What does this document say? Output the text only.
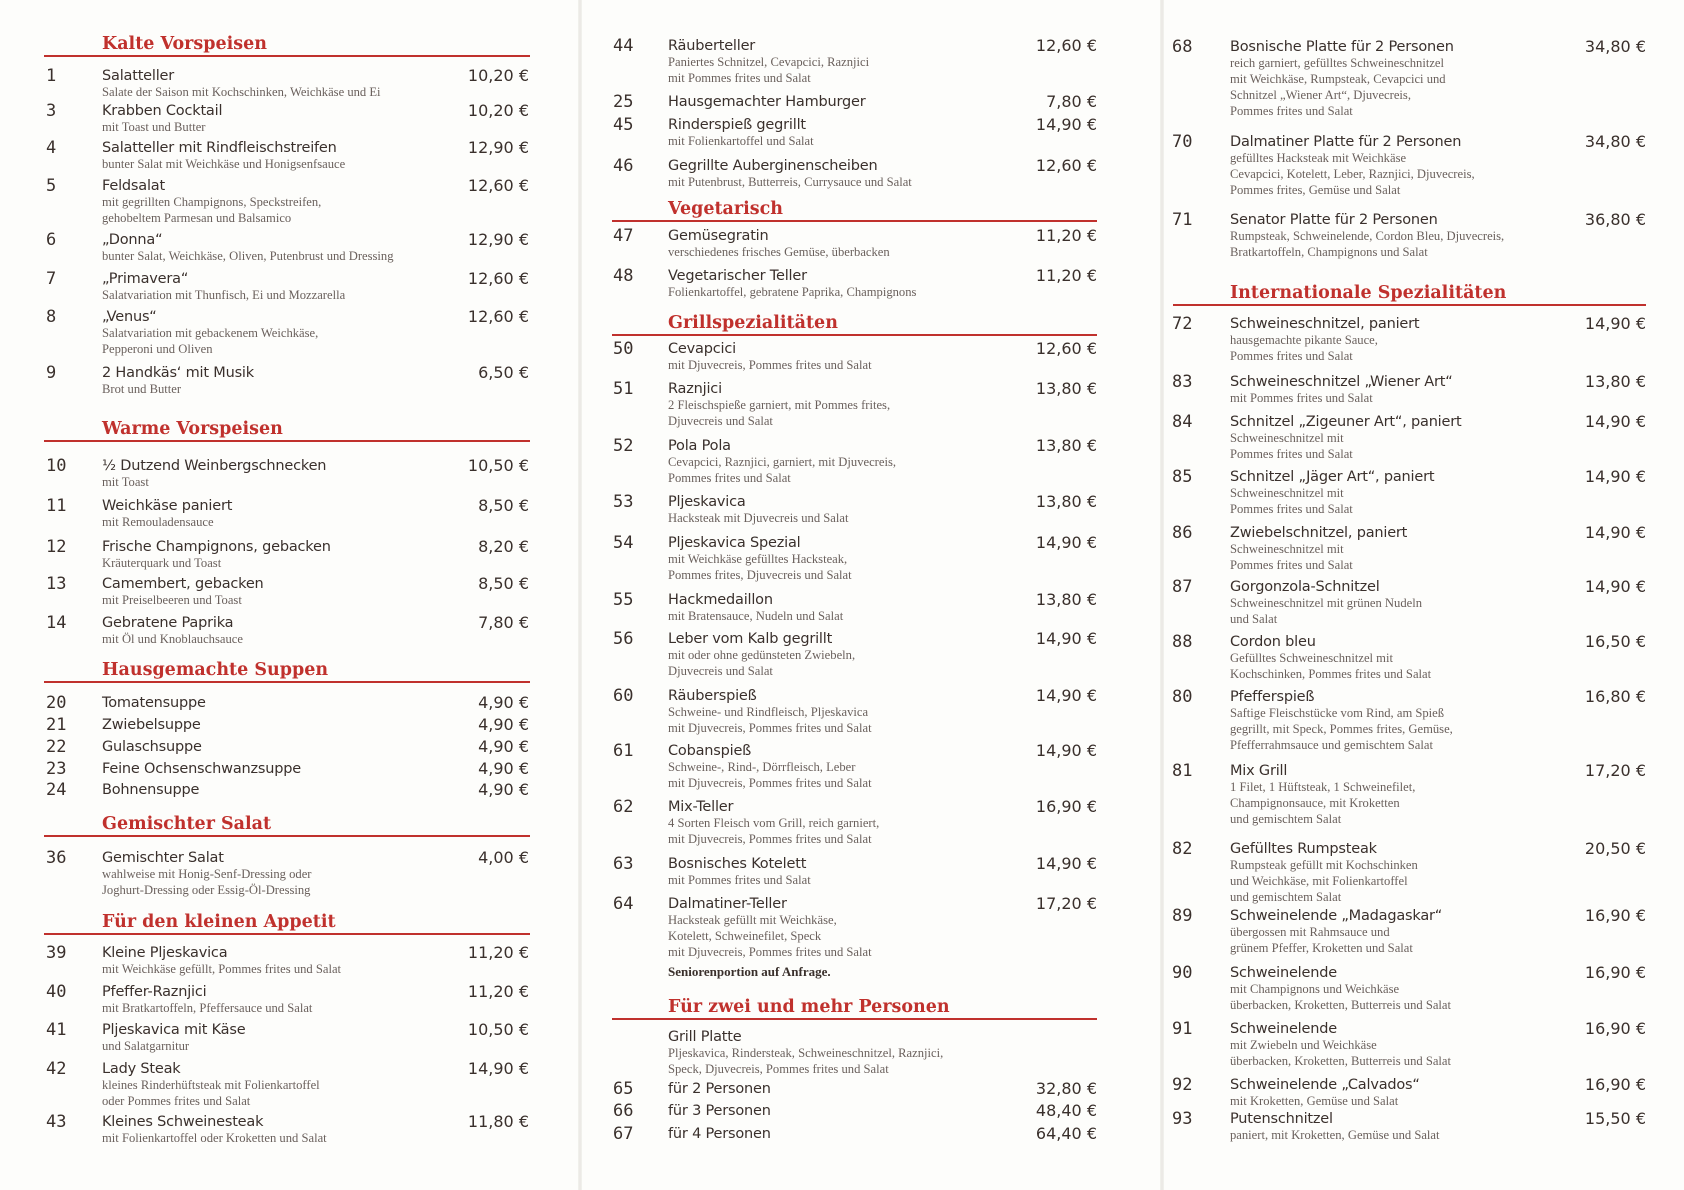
Kalte Vorspeisen
1	Salatteller
Salate der Saison mit Kochschinken, Weichkäse und Ei
10,20 €
3	Krabben Cocktail
mit Toast und Butter
10,20 €
4	Salatteller mit Rindfleischstreifen
bunter Salat mit Weichkäse und Honigsenfsauce
12,90 €
5	Feldsalat
mit gegrillten Champignons, Speckstreifen,
gehobeltem Parmesan und Balsamico
12,60 €
6	„Donna“
bunter Salat, Weichkäse, Oliven, Putenbrust und Dressing
12,90 €
7	„Primavera“
Salatvariation mit Thunfisch, Ei und Mozzarella
12,60 €
8	„Venus“
Salatvariation mit gebackenem Weichkäse,
Pepperoni und Oliven
12,60 €
9	2 Handkäs‘ mit Musik
Brot und Butter
6,50 €
Warme Vorspeisen
10 ½ Dutzend Weinbergschnecken
mit Toast
10,50 €
11 Weichkäse paniert
mit Remouladensauce
8,50 €
12 Frische Champignons, gebacken
Kräuterquark und Toast
8,20 €
13 Camembert, gebacken
mit Preiselbeeren und Toast
8,50 €
14 Gebratene Paprika
mit Öl und Knoblauchsauce
7,80 €
Hausgemachte Suppen
20 Tomatensuppe	4,90 €
21 Zwiebelsuppe	4,90 €
22 Gulaschsuppe	4,90 €
23 Feine Ochsenschwanzsuppe	4,90 €
24 Bohnensuppe	4,90 €
Gemischter Salat
36 Gemischter Salat
wahlweise mit Honig-Senf-Dressing oder
Joghurt-Dressing oder Essig-Öl-Dressing
4,00 €
Für den kleinen Appetit
39 Kleine Pljeskavica
mit Weichkäse gefüllt, Pommes frites und Salat
11,20 €
40 Pfeffer-Raznjici
mit Bratkartoffeln, Pfeffersauce und Salat
11,20 €
41 Pljeskavica mit Käse
und Salatgarnitur
10,50 €
42 Lady Steak
kleines Rinderhüftsteak mit Folienkartoffel
oder Pommes frites und Salat
14,90 €
43 Kleines Schweinesteak
mit Folienkartoffel oder Kroketten und Salat
11,80 €
44 Räuberteller
Paniertes Schnitzel, Cevapcici, Raznjici
mit Pommes frites und Salat
12,60 €
25 Hausgemachter Hamburger	7,80 €
45 Rinderspieß gegrillt
mit Folienkartoffel und Salat
14,90 €
46 Gegrillte Auberginenscheiben
mit Putenbrust, Butterreis, Currysauce und Salat
12,60 €
Vegetarisch
47 Gemüsegratin
verschiedenes frisches Gemüse, überbacken
11,20 €
48 Vegetarischer Teller
Folienkartoffel, gebratene Paprika, Champignons
11,20 €
Grillspezialitäten
50 Cevapcici
mit Djuvecreis, Pommes frites und Salat
12,60 €
51 Raznjici
2 Fleischspieße garniert, mit Pommes frites,
Djuvecreis und Salat
13,80 €
52 Pola Pola
Cevapcici, Raznjici, garniert, mit Djuvecreis,
Pommes frites und Salat
13,80 €
53 Pljeskavica
Hacksteak mit Djuvecreis und Salat
13,80 €
54 Pljeskavica Spezial
mit Weichkäse gefülltes Hacksteak,
Pommes frites, Djuvecreis und Salat
14,90 €
55 Hackmedaillon
mit Bratensauce, Nudeln und Salat
13,80 €
56 Leber vom Kalb gegrillt
mit oder ohne gedünsteten Zwiebeln,
Djuvecreis und Salat
14,90 €
60 Räuberspieß
Schweine- und Rindfleisch, Pljeskavica
mit Djuvecreis, Pommes frites und Salat
14,90 €
61 Cobanspieß
Schweine-, Rind-, Dörrfleisch, Leber
mit Djuvecreis, Pommes frites und Salat
14,90 €
62 Mix-Teller
4 Sorten Fleisch vom Grill, reich garniert,
mit Djuvecreis, Pommes frites und Salat
16,90 €
63 Bosnisches Kotelett
mit Pommes frites und Salat
14,90 €
64 Dalmatiner-Teller
Hacksteak gefüllt mit Weichkäse,
Kotelett, Schweinefilet, Speck
mit Djuvecreis, Pommes frites und Salat
17,20 €
Seniorenportion auf Anfrage.
Für zwei und mehr Personen
Grill Platte
Pljeskavica, Rindersteak, Schweineschnitzel, Raznjici,
Speck, Djuvecreis, Pommes frites und Salat
65 für 2 Personen	32,80 €
66 für 3 Personen	48,40 €
67 für 4 Personen	64,40 €
68	Bosnische Platte für 2 Personen
reich garniert, gefülltes Schweineschnitzel
mit Weichkäse, Rumpsteak, Cevapcici und
Schnitzel „Wiener Art“, Djuvecreis,
Pommes frites und Salat
34,80 €
70	Dalmatiner Platte für 2 Personen
gefülltes Hacksteak mit Weichkäse
Cevapcici, Kotelett, Leber, Raznjici, Djuvecreis,
Pommes frites, Gemüse und Salat
34,80 €
71	Senator Platte für 2 Personen
Rumpsteak, Schweinelende, Cordon Bleu, Djuvecreis,
Bratkartoffeln, Champignons und Salat
36,80 €
Internationale Spezialitäten
72	Schweineschnitzel, paniert
hausgemachte pikante Sauce,
Pommes frites und Salat
14,90 €
83	Schweineschnitzel „Wiener Art“
mit Pommes frites und Salat
13,80 €
84	Schnitzel „Zigeuner Art“, paniert
Schweineschnitzel mit
Pommes frites und Salat
14,90 €
85	Schnitzel „Jäger Art“, paniert
Schweineschnitzel mit
Pommes frites und Salat
14,90 €
86	Zwiebelschnitzel, paniert
Schweineschnitzel mit
Pommes frites und Salat
14,90 €
87	Gorgonzola-Schnitzel
Schweineschnitzel mit grünen Nudeln
und Salat
14,90 €
88	Cordon bleu
Gefülltes Schweineschnitzel mit
Kochschinken, Pommes frites und Salat
16,50 €
80	Pfefferspieß
Saftige Fleischstücke vom Rind, am Spieß
gegrillt, mit Speck, Pommes frites, Gemüse,
Pfefferrahmsauce und gemischtem Salat
16,80 €
81	Mix Grill
1 Filet, 1 Hüftsteak, 1 Schweinefilet,
Champignonsauce, mit Kroketten
und gemischtem Salat
17,20 €
82	Gefülltes Rumpsteak
Rumpsteak gefüllt mit Kochschinken
und Weichkäse, mit Folienkartoffel
und gemischtem Salat
20,50 €
89	Schweinelende „Madagaskar“
übergossen mit Rahmsauce und
grünem Pfeffer, Kroketten und Salat
16,90 €
90	Schweinelende
mit Champignons und Weichkäse
überbacken, Kroketten, Butterreis und Salat
16,90 €
91	Schweinelende
mit Zwiebeln und Weichkäse
überbacken, Kroketten, Butterreis und Salat
16,90 €
92	Schweinelende „Calvados“
mit Kroketten, Gemüse und Salat
16,90 €
93	Putenschnitzel
paniert, mit Kroketten, Gemüse und Salat
15,50 €
